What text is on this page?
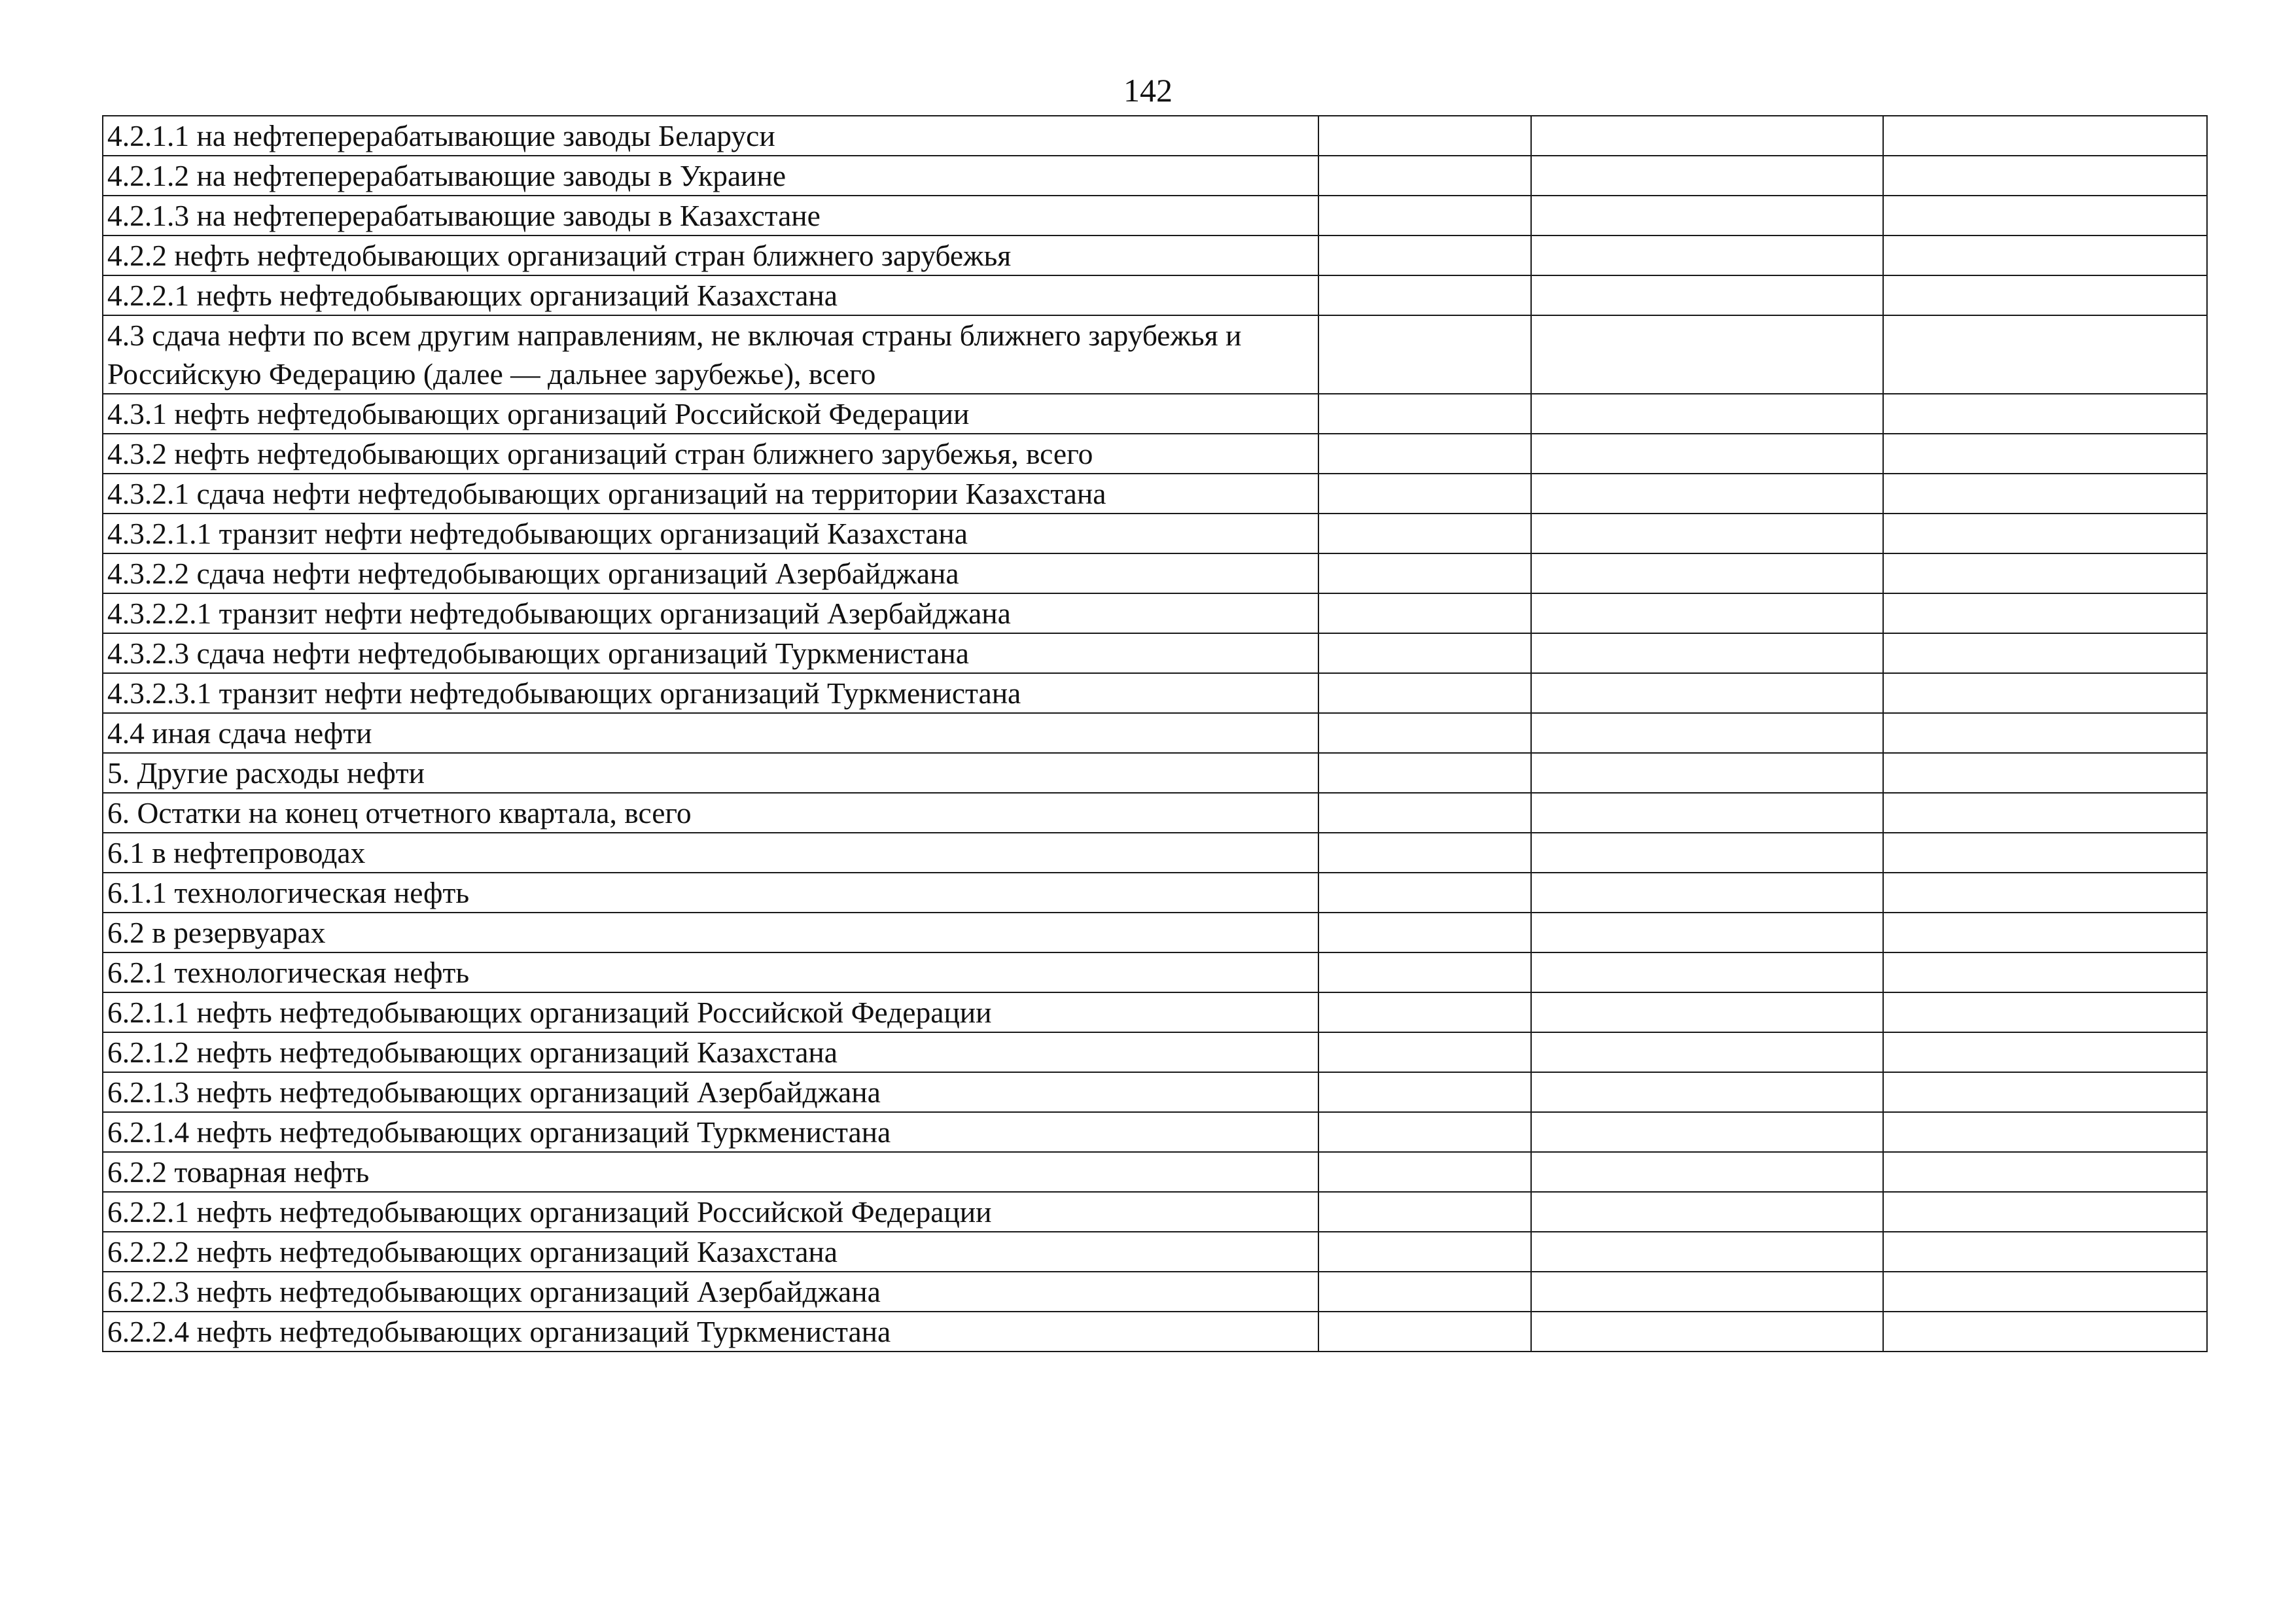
142
4.2.1.1 на нефтеперерабатывающие заводы Беларуси			

4.2.1.2 на нефтеперерабатывающие заводы в Украине			

4.2.1.3 на нефтеперерабатывающие заводы в Казахстане			

4.2.2 нефть нефтедобывающих организаций стран ближнего зарубежья			

4.2.2.1 нефть нефтедобывающих организаций Казахстана			

4.3 сдача нефти по всем другим направлениям, не включая страны ближнего зарубежья и Российскую Федерацию (далее — дальнее зарубежье), всего			

4.3.1 нефть нефтедобывающих организаций Российской Федерации			

4.3.2 нефть нефтедобывающих организаций стран ближнего зарубежья, всего			

4.3.2.1 сдача нефти нефтедобывающих организаций на территории Казахстана			

4.3.2.1.1 транзит нефти нефтедобывающих организаций Казахстана			

4.3.2.2 сдача нефти нефтедобывающих организаций Азербайджана			

4.3.2.2.1 транзит нефти нефтедобывающих организаций Азербайджана			

4.3.2.3 сдача нефти нефтедобывающих организаций Туркменистана			

4.3.2.3.1 транзит нефти нефтедобывающих организаций Туркменистана			

4.4 иная сдача нефти			

5. Другие расходы нефти			

6. Остатки на конец отчетного квартала, всего			

6.1 в нефтепроводах			

6.1.1 технологическая нефть			

6.2 в резервуарах			

6.2.1 технологическая нефть			

6.2.1.1 нефть нефтедобывающих организаций Российской Федерации			

6.2.1.2 нефть нефтедобывающих организаций Казахстана			

6.2.1.3 нефть нефтедобывающих организаций Азербайджана			

6.2.1.4 нефть нефтедобывающих организаций Туркменистана			

6.2.2 товарная нефть			

6.2.2.1 нефть нефтедобывающих организаций Российской Федерации			

6.2.2.2 нефть нефтедобывающих организаций Казахстана			

6.2.2.3 нефть нефтедобывающих организаций Азербайджана			

6.2.2.4 нефть нефтедобывающих организаций Туркменистана			
